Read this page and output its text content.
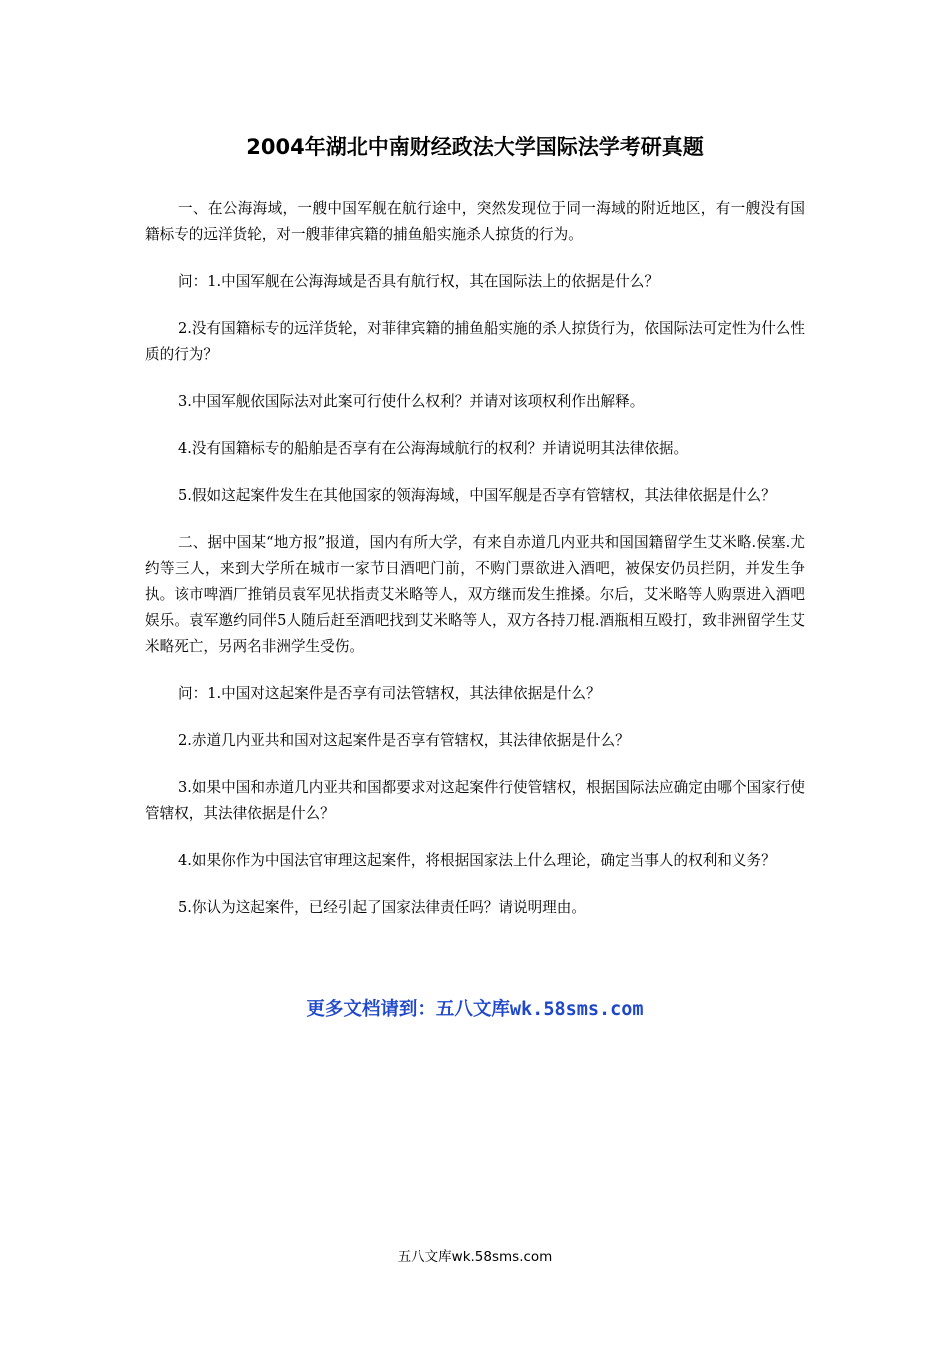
2004年湖北中南财经政法大学国际法学考研真题

一、在公海海域，一艘中国军舰在航行途中，突然发现位于同一海域的附近地区，有一艘没有国籍标专的远洋货轮，对一艘菲律宾籍的捕鱼船实施杀人掠货的行为。

问：1.中国军舰在公海海域是否具有航行权，其在国际法上的依据是什么？

2.没有国籍标专的远洋货轮，对菲律宾籍的捕鱼船实施的杀人掠货行为，依国际法可定性为什么性质的行为？

3.中国军舰依国际法对此案可行使什么权利？并请对该项权利作出解释。

4.没有国籍标专的船舶是否享有在公海海域航行的权利？并请说明其法律依据。

5.假如这起案件发生在其他国家的领海海域，中国军舰是否享有管辖权，其法律依据是什么？

二、据中国某“地方报”报道，国内有所大学，有来自赤道几内亚共和国国籍留学生艾米略.侯塞.尤约等三人，来到大学所在城市一家节日酒吧门前，不购门票欲进入酒吧，被保安仍员拦阴，并发生争执。该市啤酒厂推销员袁军见状指责艾米略等人，双方继而发生推搡。尔后，艾米略等人购票进入酒吧娱乐。袁军邀约同伴5人随后赶至酒吧找到艾米略等人，双方各持刀棍.酒瓶相互殴打，致非洲留学生艾米略死亡，另两名非洲学生受伤。

问：1.中国对这起案件是否享有司法管辖权，其法律依据是什么？

2.赤道几内亚共和国对这起案件是否享有管辖权，其法律依据是什么？

3.如果中国和赤道几内亚共和国都要求对这起案件行使管辖权，根据国际法应确定由哪个国家行使管辖权，其法律依据是什么？

4.如果你作为中国法官审理这起案件，将根据国家法上什么理论，确定当事人的权利和义务？

5.你认为这起案件，已经引起了国家法律责任吗？请说明理由。

更多文档请到：五八文库wk.58sms.com
五八文库wk.58sms.com
